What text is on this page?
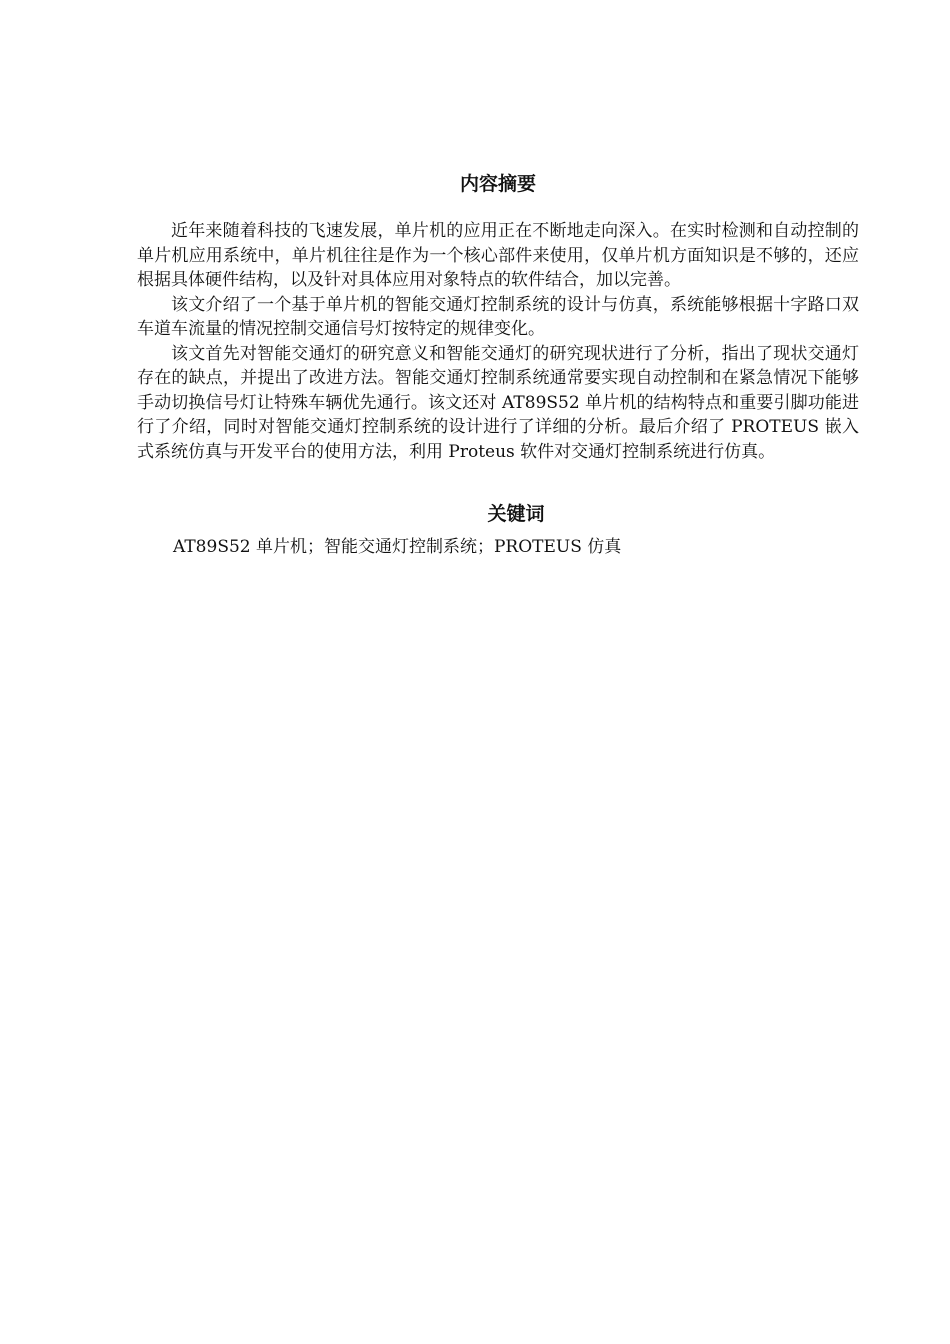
内容摘要

近年来随着科技的飞速发展，单片机的应用正在不断地走向深入。在实时检测和自动控制的单片机应用系统中，单片机往往是作为一个核心部件来使用，仅单片机方面知识是不够的，还应根据具体硬件结构，以及针对具体应用对象特点的软件结合，加以完善。

该文介绍了一个基于单片机的智能交通灯控制系统的设计与仿真，系统能够根据十字路口双车道车流量的情况控制交通信号灯按特定的规律变化。

该文首先对智能交通灯的研究意义和智能交通灯的研究现状进行了分析，指出了现状交通灯存在的缺点，并提出了改进方法。智能交通灯控制系统通常要实现自动控制和在紧急情况下能够手动切换信号灯让特殊车辆优先通行。该文还对 AT89S52 单片机的结构特点和重要引脚功能进行了介绍，同时对智能交通灯控制系统的设计进行了详细的分析。最后介绍了 PROTEUS 嵌入式系统仿真与开发平台的使用方法，利用 Proteus 软件对交通灯控制系统进行仿真。

关键词

AT89S52 单片机；智能交通灯控制系统；PROTEUS 仿真
